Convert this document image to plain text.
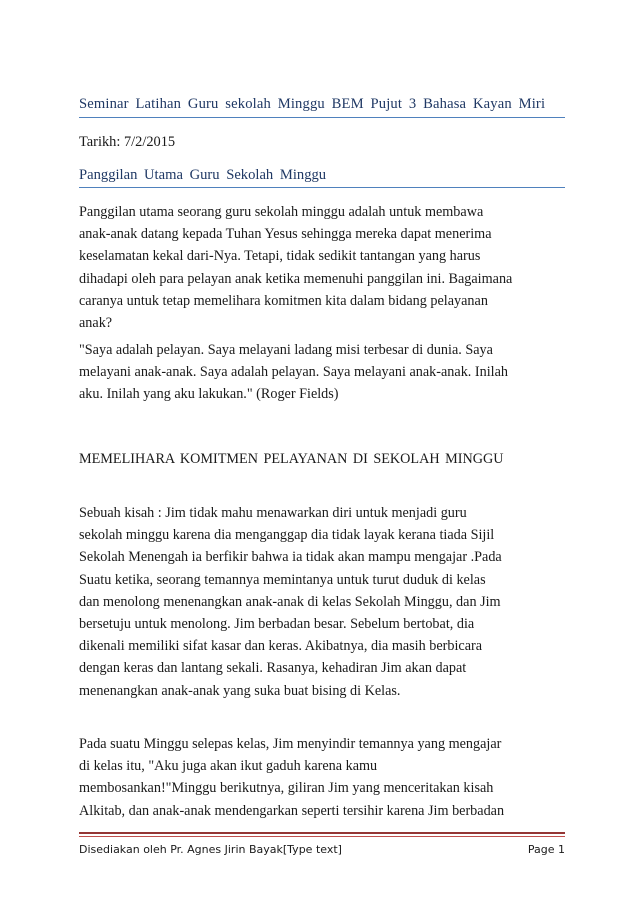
Seminar Latihan Guru sekolah Minggu BEM Pujut 3 Bahasa Kayan Miri
Tarikh: 7/2/2015
Panggilan Utama Guru Sekolah Minggu
Panggilan utama seorang guru sekolah minggu adalah untuk membawa
anak-anak datang kepada Tuhan Yesus sehingga mereka dapat menerima
keselamatan kekal dari-Nya. Tetapi, tidak sedikit tantangan yang harus
dihadapi oleh para pelayan anak ketika memenuhi panggilan ini. Bagaimana
caranya untuk tetap memelihara komitmen kita dalam bidang pelayanan
anak?
"Saya adalah pelayan. Saya melayani ladang misi terbesar di dunia. Saya
melayani anak-anak. Saya adalah pelayan. Saya melayani anak-anak. Inilah
aku. Inilah yang aku lakukan." (Roger Fields)
MEMELIHARA KOMITMEN PELAYANAN DI SEKOLAH MINGGU
Sebuah kisah : Jim tidak mahu menawarkan diri untuk menjadi guru
sekolah minggu karena dia menganggap dia tidak layak kerana tiada Sijil
Sekolah Menengah ia berfikir bahwa ia tidak akan mampu mengajar .Pada
Suatu ketika, seorang temannya memintanya untuk turut duduk di kelas
dan menolong menenangkan anak-anak di kelas Sekolah Minggu, dan Jim
bersetuju untuk menolong. Jim berbadan besar. Sebelum bertobat, dia
dikenali memiliki sifat kasar dan keras. Akibatnya, dia masih berbicara
dengan keras dan lantang sekali. Rasanya, kehadiran Jim akan dapat
menenangkan anak-anak yang suka buat bising di Kelas.
Pada suatu Minggu selepas kelas, Jim menyindir temannya yang mengajar
di kelas itu, "Aku juga akan ikut gaduh karena kamu
membosankan!"Minggu berikutnya, giliran Jim yang menceritakan kisah
Alkitab, dan anak-anak mendengarkan seperti tersihir karena Jim berbadan
Disediakan oleh Pr. Agnes Jirin Bayak[Type text]	Page 1
